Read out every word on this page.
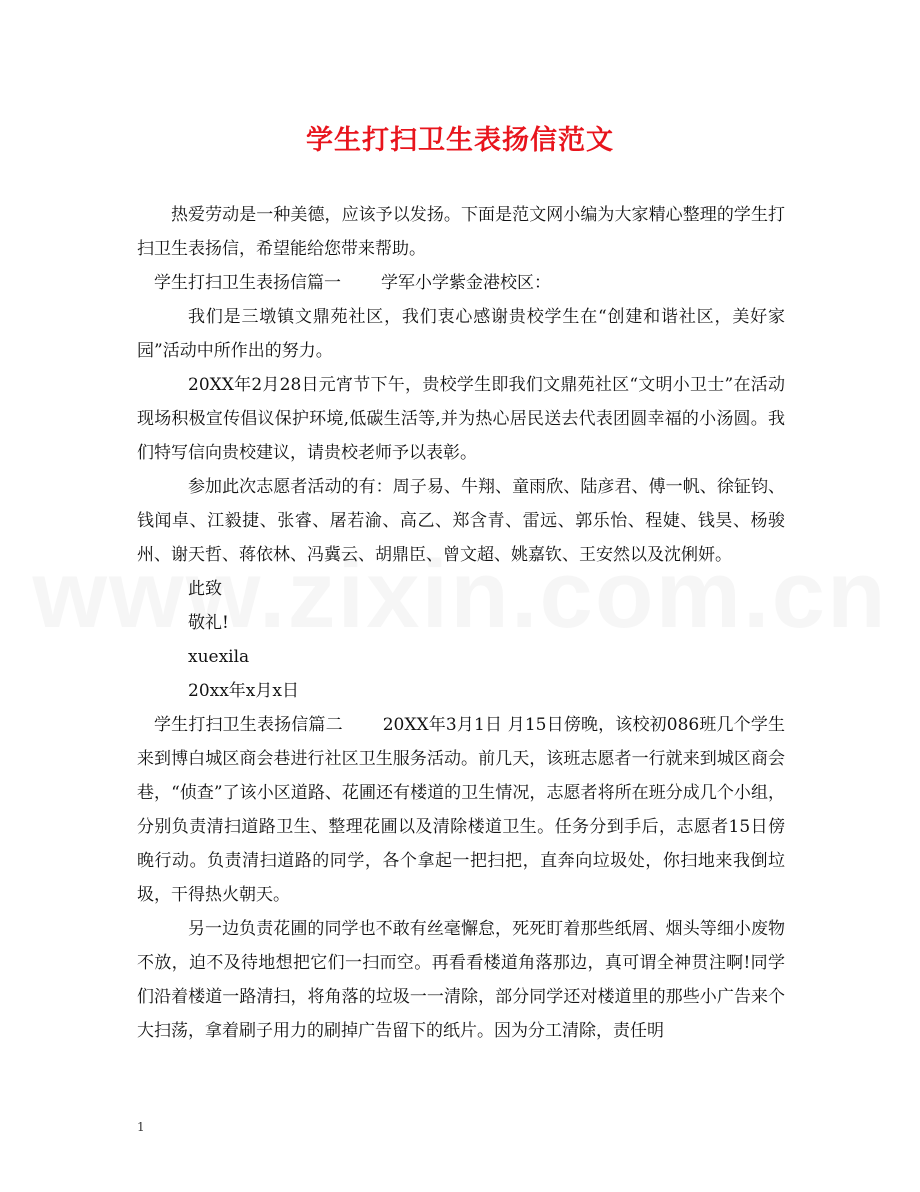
学生打扫卫生表扬信范文

热爱劳动是一种美德，应该予以发扬。下面是范文网小编为大家精心整理的学生打扫卫生表扬信，希望能给您带来帮助。

学生打扫卫生表扬信篇一 学军小学紫金港校区：

我们是三墩镇文鼎苑社区，我们衷心感谢贵校学生在“创建和谐社区，美好家园”活动中所作出的努力。

20XX年2月28日元宵节下午，贵校学生即我们文鼎苑社区“文明小卫士”在活动现场积极宣传倡议保护环境,低碳生活等,并为热心居民送去代表团圆幸福的小汤圆。我们特写信向贵校建议，请贵校老师予以表彰。

参加此次志愿者活动的有：周子易、牛翔、童雨欣、陆彦君、傅一帆、徐钲钧、钱闻卓、江毅捷、张睿、屠若渝、高乙、郑含青、雷远、郭乐怡、程婕、钱昊、杨骏州、谢天哲、蒋依林、冯冀云、胡鼎臣、曾文超、姚嘉钦、王安然以及沈俐妍。

此致

敬礼!

xuexila

20xx年x月x日

学生打扫卫生表扬信篇二 20XX年3月1日 月15日傍晚，该校初086班几个学生来到博白城区商会巷进行社区卫生服务活动。前几天，该班志愿者一行就来到城区商会巷，“侦查”了该小区道路、花圃还有楼道的卫生情况，志愿者将所在班分成几个小组，分别负责清扫道路卫生、整理花圃以及清除楼道卫生。任务分到手后，志愿者15日傍晚行动。负责清扫道路的同学，各个拿起一把扫把，直奔向垃圾处，你扫地来我倒垃圾，干得热火朝天。

另一边负责花圃的同学也不敢有丝毫懈怠，死死盯着那些纸屑、烟头等细小废物不放，迫不及待地想把它们一扫而空。再看看楼道角落那边，真可谓全神贯注啊!同学们沿着楼道一路清扫，将角落的垃圾一一清除，部分同学还对楼道里的那些小广告来个大扫荡，拿着刷子用力的刷掉广告留下的纸片。因为分工清除，责任明

1
